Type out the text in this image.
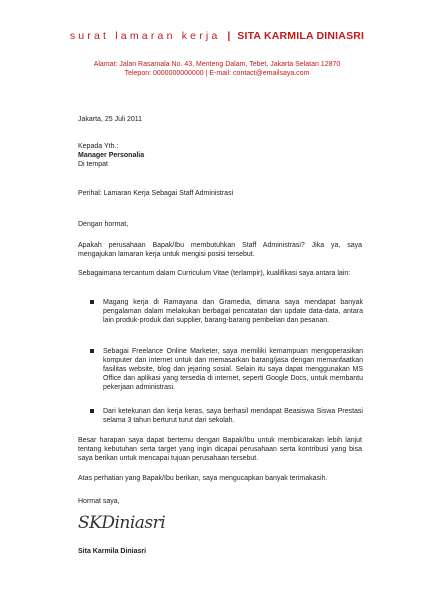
surat lamaran kerja | SITA KARMILA DINIASRI
Alamat: Jalan Rasamala No. 43, Menteng Dalam, Tebet, Jakarta Selatan 12870
Telepon: 0000000000000 | E-mail: contact@emailsaya.com
Jakarta, 25 Juli 2011
Kepada Yth.:
Manager Personalia
Di tempat
Perihal: Lamaran Kerja Sebagai Staff Administrasi
Dengan hormat,
Apakah perusahaan Bapak/Ibu membutuhkan Staff Administrasi? Jika ya, saya mengajukan lamaran kerja untuk mengisi posisi tersebut.
Sebagaimana tercantum dalam Curriculum Vitae (terlampir), kualifikasi saya antara lain:
Magang kerja di Ramayana dan Gramedia, dimana saya mendapat banyak pengalaman dalam melakukan berbagai pencatatan dan update data-data, antara lain produk-produk dari supplier, barang-barang pembelian dan pesanan.
Sebagai Freelance Online Marketer, saya memiliki kemampuan mengoperasikan komputer dan internet untuk dan memasarkan barang/jasa dengan memanfaatkan fasilitas website, blog dan jejaring sosial. Selain itu saya dapat menggunakan MS Office dan aplikasi yang tersedia di internet, seperti Google Docs, untuk membantu pekerjaan administrasi.
Dari ketekunan dan kerja keras, saya berhasil mendapat Beasiswa Siswa Prestasi selama 3 tahun berturut turut dari sekolah.
Besar harapan saya dapat bertemu dengan Bapak/Ibu untuk membicarakan lebih lanjut tentang kebutuhan serta target yang ingin dicapai perusahaan serta kontribusi yang bisa saya berikan untuk mencapai tujuan perusahaan tersebut.
Atas perhatian yang Bapak/Ibu berikan, saya mengucapkan banyak terimakasih.
Hormat saya,
SKDiniasri
Sita Karmila Diniasri
